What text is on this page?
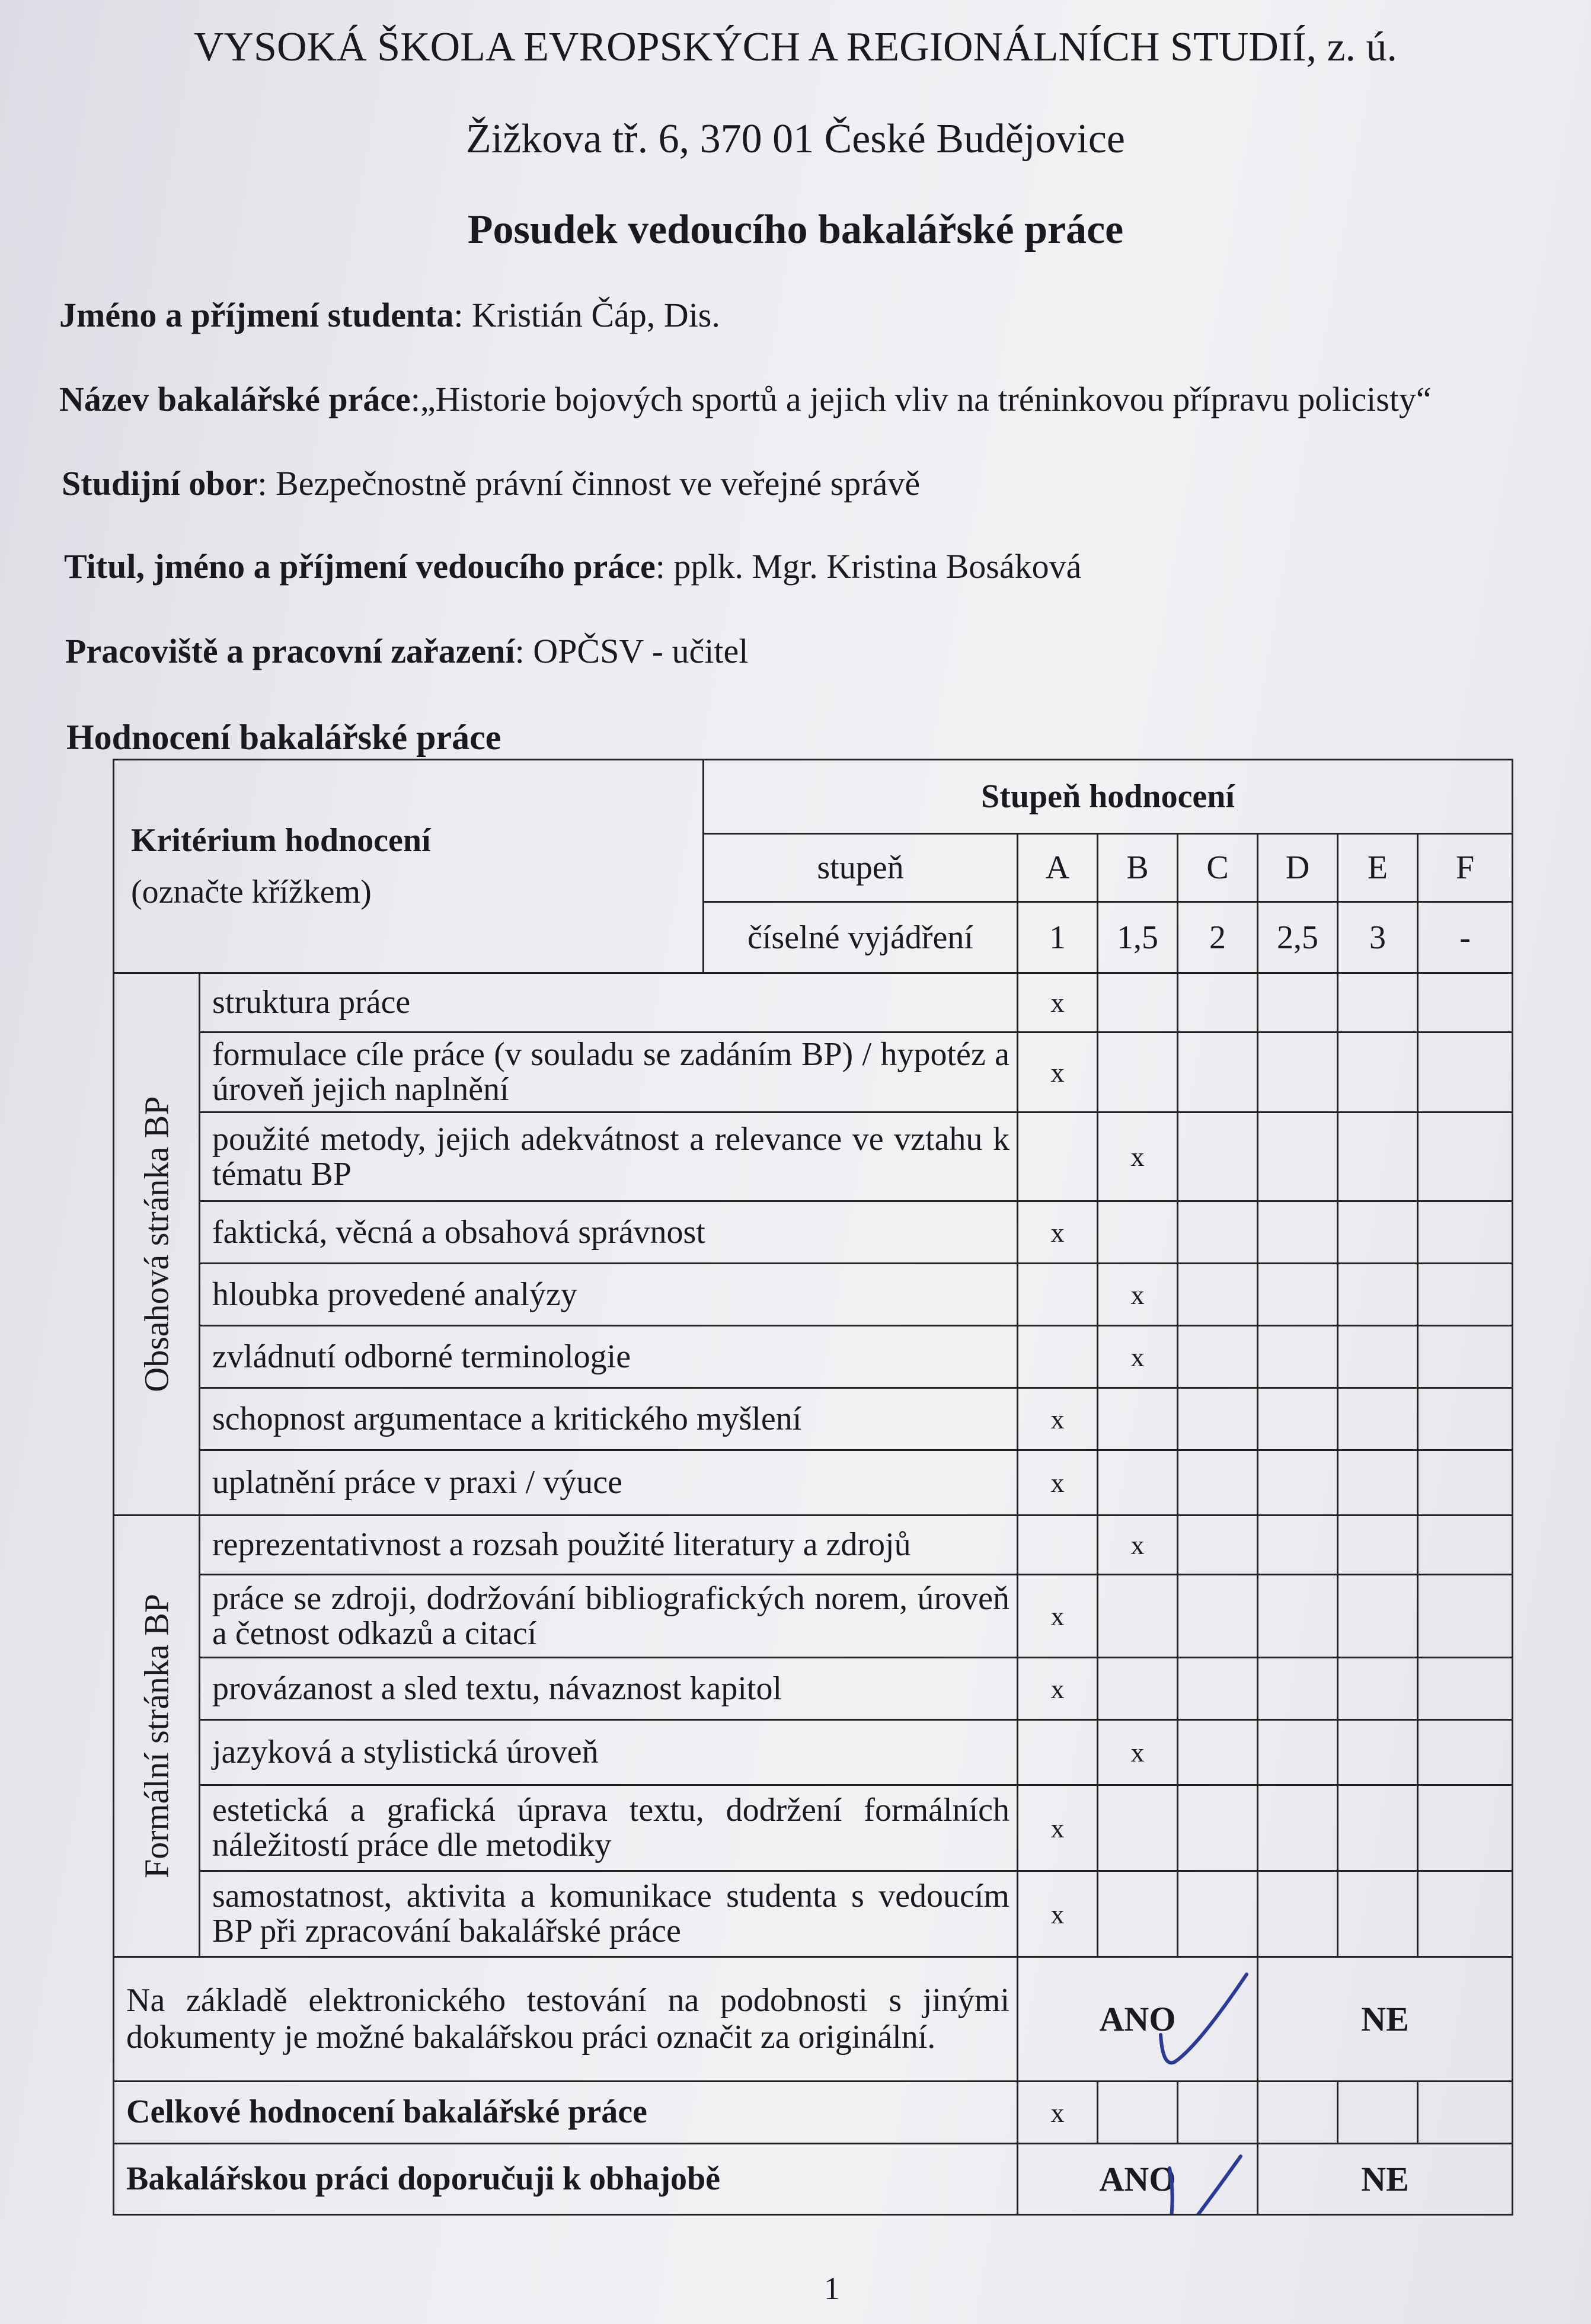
VYSOKÁ ŠKOLA EVROPSKÝCH A REGIONÁLNÍCH STUDIÍ, z. ú.
Žižkova tř. 6, 370 01 České Budějovice
Posudek vedoucího bakalářské práce
Jméno a příjmení studenta: Kristián Čáp, Dis.
Název bakalářské práce:„Historie bojových sportů a jejich vliv na tréninkovou přípravu policisty“
Studijní obor: Bezpečnostně právní činnost ve veřejné správě
Titul, jméno a příjmení vedoucího práce: pplk. Mgr. Kristina Bosáková
Pracoviště a pracovní zařazení: OPČSV - učitel
Hodnocení bakalářské práce
Kritérium hodnocení
(označte křížkem)		Stupeň hodnocení						
		stupeň	A	B	C	D	E	F
		číselné vyjádření	1	1,5	2	2,5	3	-

Obsahová stránka BP	struktura práce		x					
	formulace cíle práce (v souladu se zadáním BP) / hypotéz a úroveň jejich naplnění		x					
	použité metody, jejich adekvátnost a relevance ve vztahu k tématu BP			x				
	faktická, věcná a obsahová správnost		x					
	hloubka provedené analýzy			x				
	zvládnutí odborné terminologie			x				
	schopnost argumentace a kritického myšlení		x					
	uplatnění práce v praxi / výuce		x					

Formální stránka BP	reprezentativnost a rozsah použité literatury a zdrojů			x				
	práce se zdroji, dodržování bibliografických norem, úroveň a četnost odkazů a citací		x					
	provázanost a sled textu, návaznost kapitol		x					
	jazyková a stylistická úroveň			x				
	estetická a grafická úprava textu, dodržení formálních náležitostí práce dle metodiky		x					
	samostatnost, aktivita a komunikace studenta s vedoucím BP při zpracování bakalářské práce		x					
Na základě elektronického testování na podobnosti s jinými dokumenty je možné bakalářskou práci označit za originální.			ANO			NE		
Celkové hodnocení bakalářské práce			x					
Bakalářskou práci doporučuji k obhajobě			ANO			NE		
1
